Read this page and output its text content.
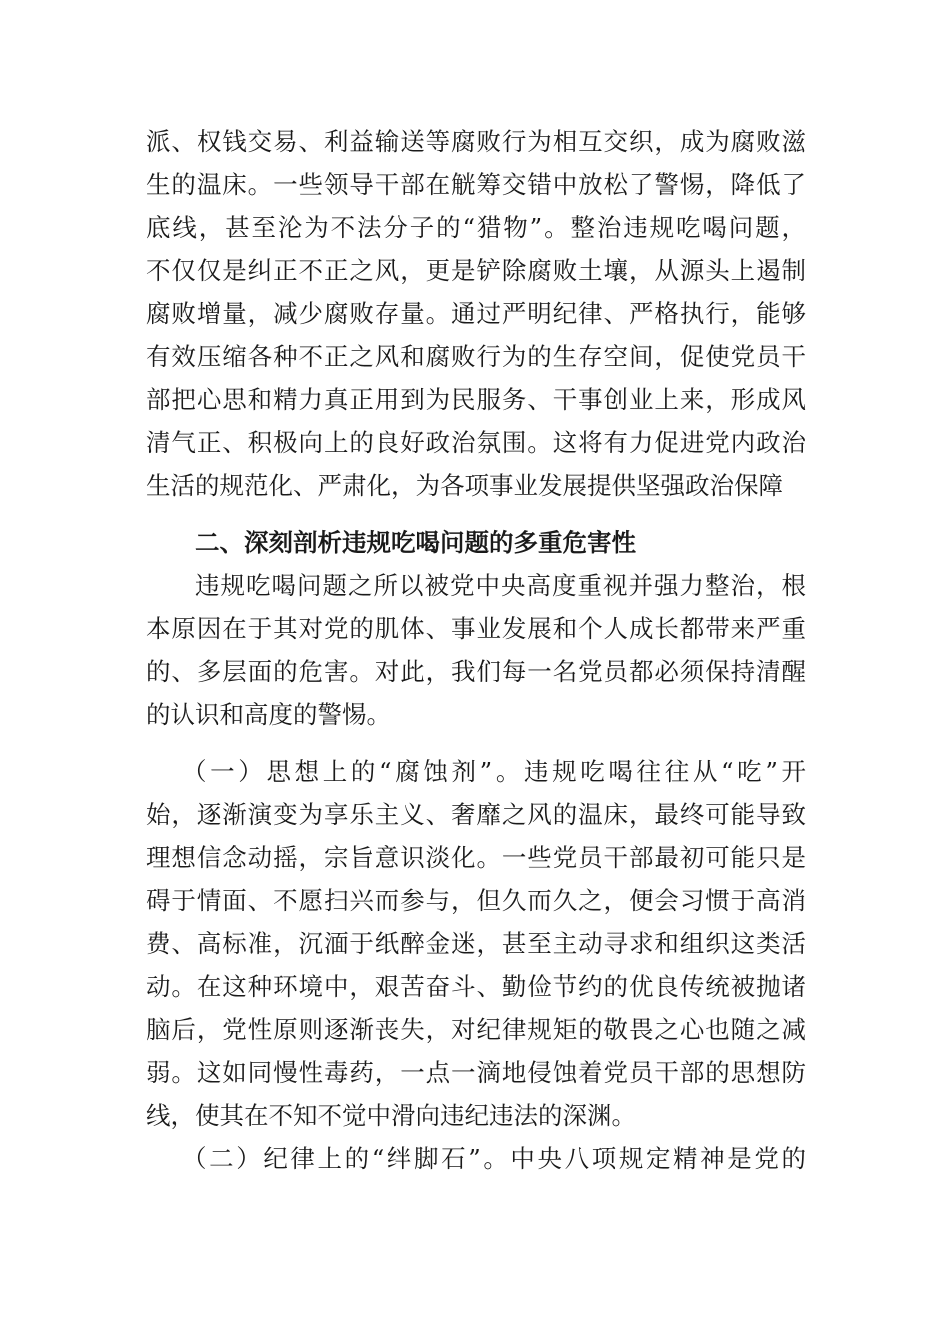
派、权钱交易、利益输送等腐败行为相互交织，成为腐败滋
生的温床。一些领导干部在觥筹交错中放松了警惕，降低了
底线，甚至沦为不法分子的“猎物”。整治违规吃喝问题，
不仅仅是纠正不正之风，更是铲除腐败土壤，从源头上遏制
腐败增量，减少腐败存量。通过严明纪律、严格执行，能够
有效压缩各种不正之风和腐败行为的生存空间，促使党员干
部把心思和精力真正用到为民服务、干事创业上来，形成风
清气正、积极向上的良好政治氛围。这将有力促进党内政治
生活的规范化、严肃化，为各项事业发展提供坚强政治保障
二、深刻剖析违规吃喝问题的多重危害性
违规吃喝问题之所以被党中央高度重视并强力整治，根
本原因在于其对党的肌体、事业发展和个人成长都带来严重
的、多层面的危害。对此，我们每一名党员都必须保持清醒
的认识和高度的警惕。
（一）思想上的“腐蚀剂”。违规吃喝往往从“吃”开
始，逐渐演变为享乐主义、奢靡之风的温床，最终可能导致
理想信念动摇，宗旨意识淡化。一些党员干部最初可能只是
碍于情面、不愿扫兴而参与，但久而久之，便会习惯于高消
费、高标准，沉湎于纸醉金迷，甚至主动寻求和组织这类活
动。在这种环境中，艰苦奋斗、勤俭节约的优良传统被抛诸
脑后，党性原则逐渐丧失，对纪律规矩的敬畏之心也随之减
弱。这如同慢性毒药，一点一滴地侵蚀着党员干部的思想防
线，使其在不知不觉中滑向违纪违法的深渊。
（二）纪律上的“绊脚石”。中央八项规定精神是党的
